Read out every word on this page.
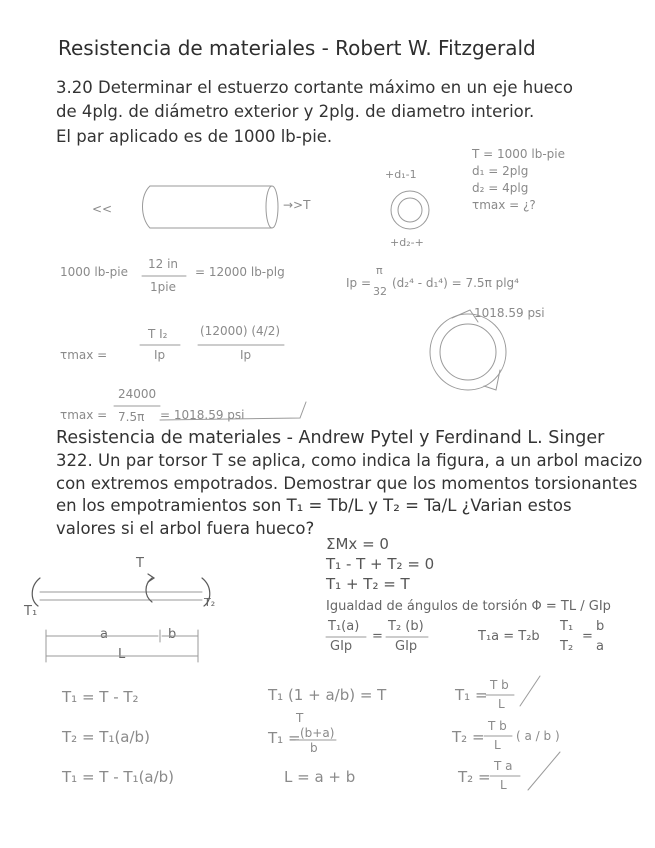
Resistencia de materiales - Robert W. Fitzgerald
3.20 Determinar el estuerzo cortante máximo en un eje hueco
de 4plg. de diámetro exterior y 2plg. de diametro interior.
El par aplicado es de 1000 lb-pie.
T = 1000 lb-pie
d₁ = 2plg
d₂ = 4plg
τmax = ¿?
<<	→>T
+d₁-1
+d₂-+
1000 lb-pie
12 in
1pie
= 12000 lb-plg
Ip =
π
32
(d₂⁴ - d₁⁴) = 7.5π plg⁴
1018.59 psi
τmax =
T I₂
Ip
(12000) (4/2)
Ip
24000
τmax = 7.5π = 1018.59 psi
Resistencia de materiales - Andrew Pytel y Ferdinand L. Singer
322. Un par torsor T se aplica, como indica la figura, a un arbol macizo
con extremos empotrados. Demostrar que los momentos torsionantes
en los empotramientos son T₁ = Tb/L y T₂ = Ta/L ¿Varian estos
valores si el arbol fuera hueco?
T
T₁
T₂
a	b
L
ΣMx = 0
T₁ - T + T₂ = 0
T₁ + T₂ = T
Igualdad de ángulos de torsión Φ = TL / GIp
T₁(a)
GIp
=
T₂ (b)
GIp
T₁a = T₂b
T₁
T₂
=
b
a
T₁ = T - T₂
T₂ = T₁(a/b)
T₁ = T - T₁(a/b)
T₁ (1 + a/b) = T
T
T₁ = (b+a)
b
L = a + b
T₁ =
T b
L
T₂ =
T b
L
( a / b )
T₂ =
T a
L
